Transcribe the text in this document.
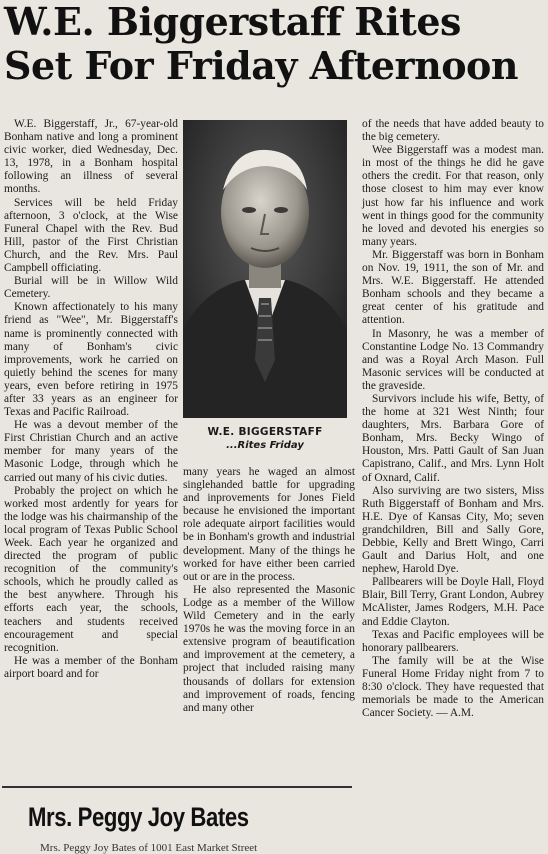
W.E. Biggerstaff Rites
Set For Friday Afternoon

W.E. Biggerstaff, Jr., 67-year-old Bonham native and long a prominent civic worker, died Wednesday, Dec. 13, 1978, in a Bonham hospital following an illness of several months.

Services will be held Friday afternoon, 3 o'clock, at the Wise Funeral Chapel with the Rev. Bud Hill, pastor of the First Christian Church, and the Rev. Mrs. Paul Campbell officiating.

Burial will be in Willow Wild Cemetery.

Known affectionately to his many friend as "Wee", Mr. Biggerstaff's name is prominently connected with many of Bonham's civic improvements, work he carried on quietly behind the scenes for many years, even before retiring in 1975 after 33 years as an engineer for Texas and Pacific Railroad.

He was a devout member of the First Christian Church and an active member for many years of the Masonic Lodge, through which he carried out many of his civic duties.

Probably the project on which he worked most ardently for years for the lodge was his chairmanship of the local program of Texas Public School Week. Each year he organized and directed the program of public recognition of the community's schools, which he proudly called as the best anywhere. Through his efforts each year, the schools, teachers and students received encouragement and special recognition.

He was a member of the Bonham airport board and for

W.E. BIGGERSTAFF
...Rites Friday

many years he waged an almost singlehanded battle for upgrading and inprovements for Jones Field because he envisioned the important role adequate airport facilities would be in Bonham's growth and industrial development. Many of the things he worked for have either been carried out or are in the process.

He also represented the Masonic Lodge as a member of the Willow Wild Cemetery and in the early 1970s he was the moving force in an extensive program of beautification and improvement at the cemetery, a project that included raising many thousands of dollars for extension and improvement of roads, fencing and many other

of the needs that have added beauty to the big cemetery.

Wee Biggerstaff was a modest man. in most of the things he did he gave others the credit. For that reason, only those closest to him may ever know just how far his influence and work went in things good for the community he loved and devoted his energies so many years.

Mr. Biggerstaff was born in Bonham on Nov. 19, 1911, the son of Mr. and Mrs. W.E. Biggerstaff. He attended Bonham schools and they became a great center of his gratitude and attention.

In Masonry, he was a member of Constantine Lodge No. 13 Commandry and was a Royal Arch Mason. Full Masonic services will be conducted at the graveside.

Survivors include his wife, Betty, of the home at 321 West Ninth; four daughters, Mrs. Barbara Gore of Bonham, Mrs. Becky Wingo of Houston, Mrs. Patti Gault of San Juan Capistrano, Calif., and Mrs. Lynn Holt of Oxnard, Calif.

Also surviving are two sisters, Miss Ruth Biggerstaff of Bonham and Mrs. H.E. Dye of Kansas City, Mo; seven grandchildren, Bill and Sally Gore, Debbie, Kelly and Brett Wingo, Carri Gault and Darius Holt, and one nephew, Harold Dye.

Pallbearers will be Doyle Hall, Floyd Blair, Bill Terry, Grant London, Aubrey McAlister, James Rodgers, M.H. Pace and Eddie Clayton.

Texas and Pacific employees will be honorary pallbearers.

The family will be at the Wise Funeral Home Friday night from 7 to 8:30 o'clock. They have requested that memorials be made to the American Cancer Society. — A.M.

Mrs. Peggy Joy Bates
Mrs. Peggy Joy Bates of 1001 East Market Street
